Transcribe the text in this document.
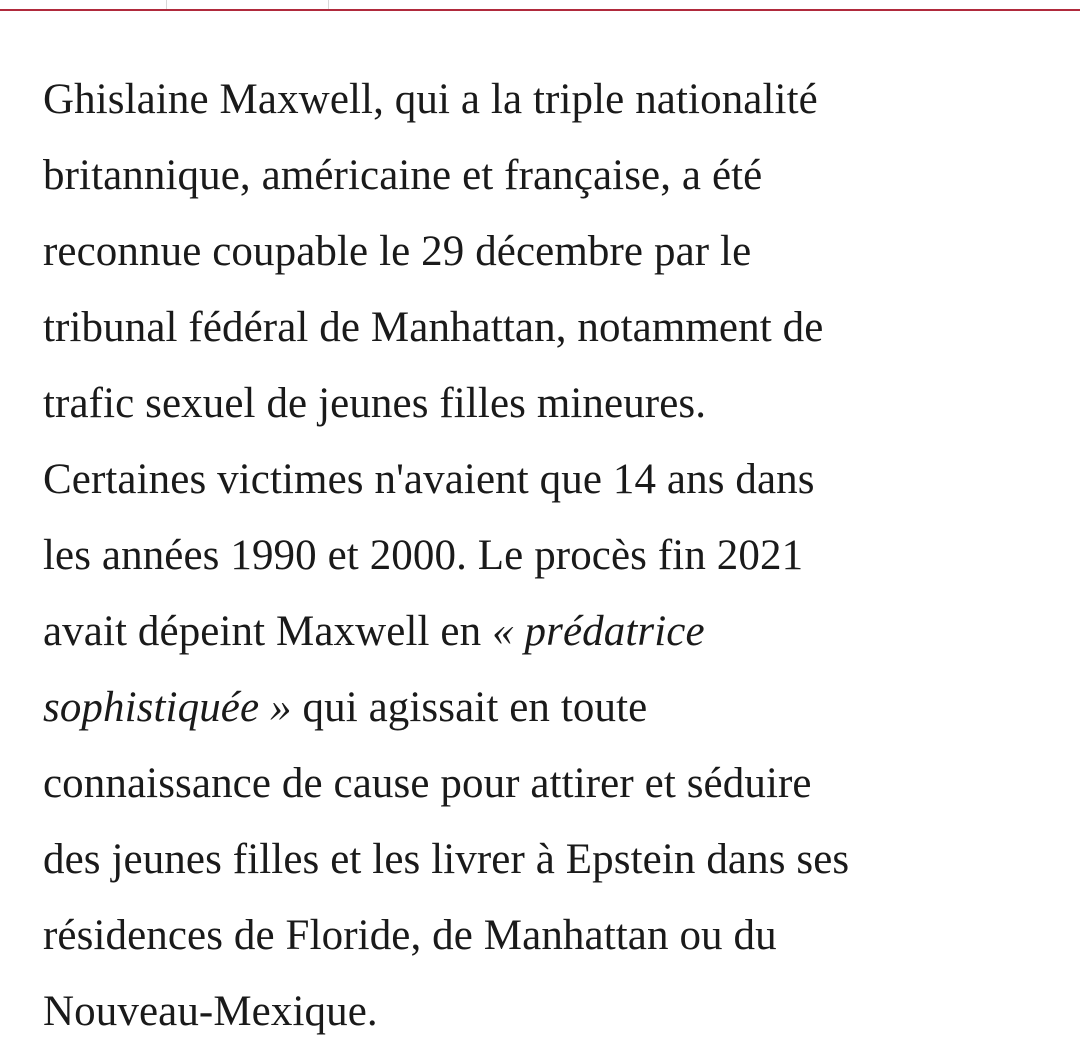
Ghislaine Maxwell, qui a la triple nationalité
britannique, américaine et française, a été
reconnue coupable le 29 décembre par le
tribunal fédéral de Manhattan, notamment de
trafic sexuel de jeunes filles mineures.
Certaines victimes n'avaient que 14 ans dans
les années 1990 et 2000. Le procès fin 2021
avait dépeint Maxwell en « prédatrice
sophistiquée » qui agissait en toute
connaissance de cause pour attirer et séduire
des jeunes filles et les livrer à Epstein dans ses
résidences de Floride, de Manhattan ou du
Nouveau-Mexique.
